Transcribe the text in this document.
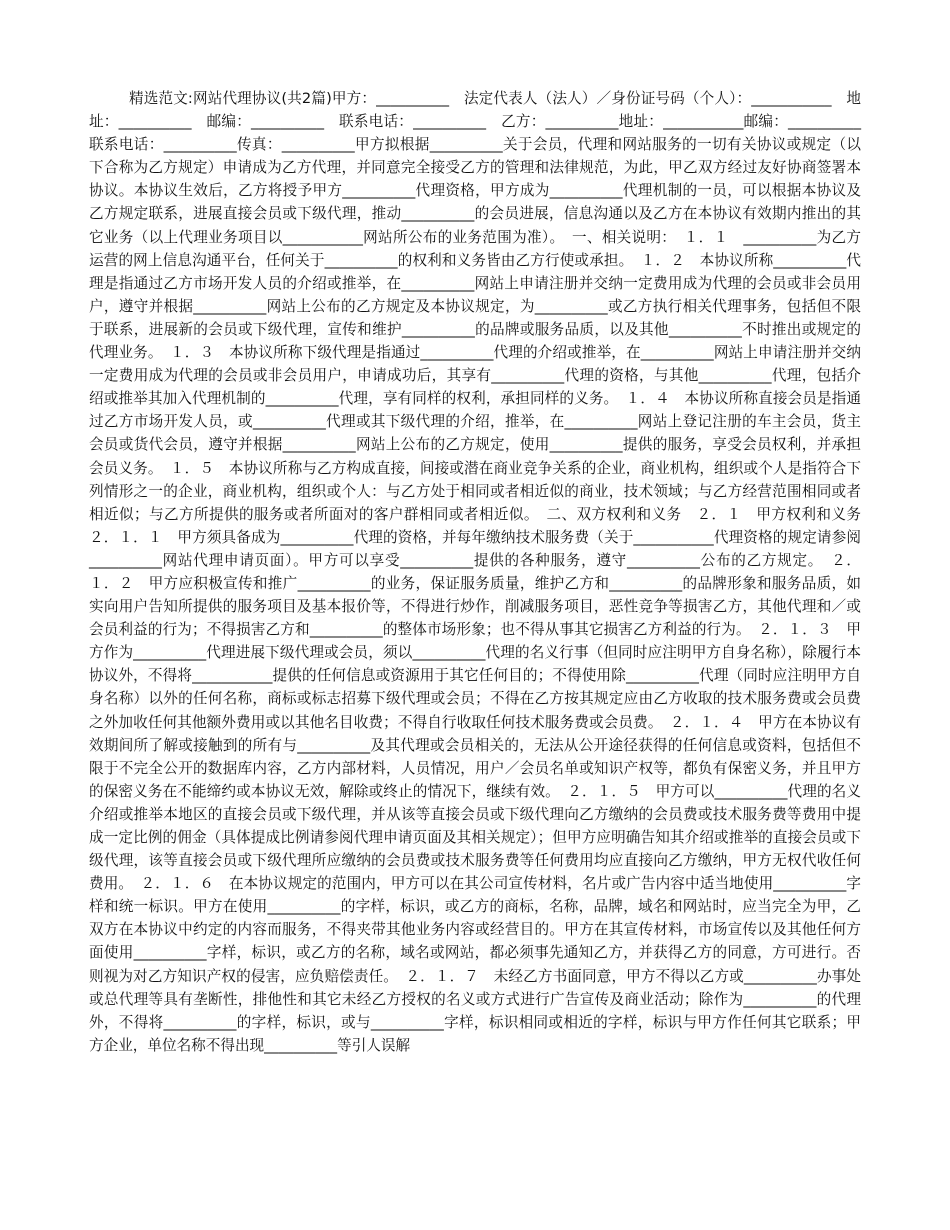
精选范文:网站代理协议(共2篇)甲方：__________　法定代表人（法人）／身份证号码（个人）：___________　地址：__________　邮编：__________　联系电话：__________　乙方：__________地址：___________邮编：__________联系电话：__________传真：__________甲方拟根据__________关于会员，代理和网站服务的一切有关协议或规定（以下合称为乙方规定）申请成为乙方代理，并同意完全接受乙方的管理和法律规范，为此，甲乙双方经过友好协商签署本协议。本协议生效后，乙方将授予甲方__________代理资格，甲方成为__________代理机制的一员，可以根据本协议及乙方规定联系，进展直接会员或下级代理，推动__________的会员进展，信息沟通以及乙方在本协议有效期内推出的其它业务（以上代理业务项目以___________网站所公布的业务范围为准）。　一、相关说明：　１．１　__________为乙方运营的网上信息沟通平台，任何关于__________的权利和义务皆由乙方行使或承担。　１．２　本协议所称__________代理是指通过乙方市场开发人员的介绍或推举，在__________网站上申请注册并交纳一定费用成为代理的会员或非会员用户，遵守并根据__________网站上公布的乙方规定及本协议规定，为__________或乙方执行相关代理事务，包括但不限于联系，进展新的会员或下级代理，宣传和维护__________的品牌或服务品质，以及其他__________不时推出或规定的代理业务。　１．３　本协议所称下级代理是指通过__________代理的介绍或推举，在__________网站上申请注册并交纳一定费用成为代理的会员或非会员用户，申请成功后，其享有__________代理的资格，与其他__________代理，包括介绍或推举其加入代理机制的__________代理，享有同样的权利，承担同样的义务。　１．４　本协议所称直接会员是指通过乙方市场开发人员，或__________代理或其下级代理的介绍，推举，在__________网站上登记注册的车主会员，货主会员或货代会员，遵守并根据__________网站上公布的乙方规定，使用__________提供的服务，享受会员权利，并承担会员义务。　１．５　本协议所称与乙方构成直接，间接或潜在商业竞争关系的企业，商业机构，组织或个人是指符合下列情形之一的企业，商业机构，组织或个人：与乙方处于相同或者相近似的商业，技术领域；与乙方经营范围相同或者相近似；与乙方所提供的服务或者所面对的客户群相同或者相近似。　二、双方权利和义务　２．１　甲方权利和义务　２．１．１　甲方须具备成为__________代理的资格，并每年缴纳技术服务费（关于___________代理资格的规定请参阅__________网站代理申请页面）。甲方可以享受__________提供的各种服务，遵守__________公布的乙方规定。　２．１．２　甲方应积极宣传和推广__________的业务，保证服务质量，维护乙方和__________的品牌形象和服务品质，如实向用户告知所提供的服务项目及基本报价等，不得进行炒作，削减服务项目，恶性竞争等损害乙方，其他代理和／或会员利益的行为；不得损害乙方和__________的整体市场形象；也不得从事其它损害乙方利益的行为。　２．１．３　甲方作为__________代理进展下级代理或会员，须以__________代理的名义行事（但同时应注明甲方自身名称），除履行本协议外，不得将___________提供的任何信息或资源用于其它任何目的；不得使用除__________代理（同时应注明甲方自身名称）以外的任何名称，商标或标志招募下级代理或会员；不得在乙方按其规定应由乙方收取的技术服务费或会员费之外加收任何其他额外费用或以其他名目收费；不得自行收取任何技术服务费或会员费。　２．１．４　甲方在本协议有效期间所了解或接触到的所有与__________及其代理或会员相关的，无法从公开途径获得的任何信息或资料，包括但不限于不完全公开的数据库内容，乙方内部材料，人员情况，用户／会员名单或知识产权等，都负有保密义务，并且甲方的保密义务在不能缔约或本协议无效，解除或终止的情况下，继续有效。　２．１．５　甲方可以__________代理的名义介绍或推举本地区的直接会员或下级代理，并从该等直接会员或下级代理向乙方缴纳的会员费或技术服务费等费用中提成一定比例的佣金（具体提成比例请参阅代理申请页面及其相关规定）；但甲方应明确告知其介绍或推举的直接会员或下级代理，该等直接会员或下级代理所应缴纳的会员费或技术服务费等任何费用均应直接向乙方缴纳，甲方无权代收任何费用。　２．１．６　在本协议规定的范围内，甲方可以在其公司宣传材料，名片或广告内容中适当地使用__________字样和统一标识。甲方在使用__________的字样，标识，或乙方的商标，名称，品牌，域名和网站时，应当完全为甲，乙双方在本协议中约定的内容而服务，不得夹带其他业务内容或经营目的。甲方在其宣传材料，市场宣传以及其他任何方面使用__________字样，标识，或乙方的名称，域名或网站，都必须事先通知乙方，并获得乙方的同意，方可进行。否则视为对乙方知识产权的侵害，应负赔偿责任。　２．１．７　未经乙方书面同意，甲方不得以乙方或__________办事处或总代理等具有垄断性，排他性和其它未经乙方授权的名义或方式进行广告宣传及商业活动；除作为__________的代理外，不得将__________的字样，标识，或与__________字样，标识相同或相近的字样，标识与甲方作任何其它联系；甲方企业，单位名称不得出现__________等引人误解
